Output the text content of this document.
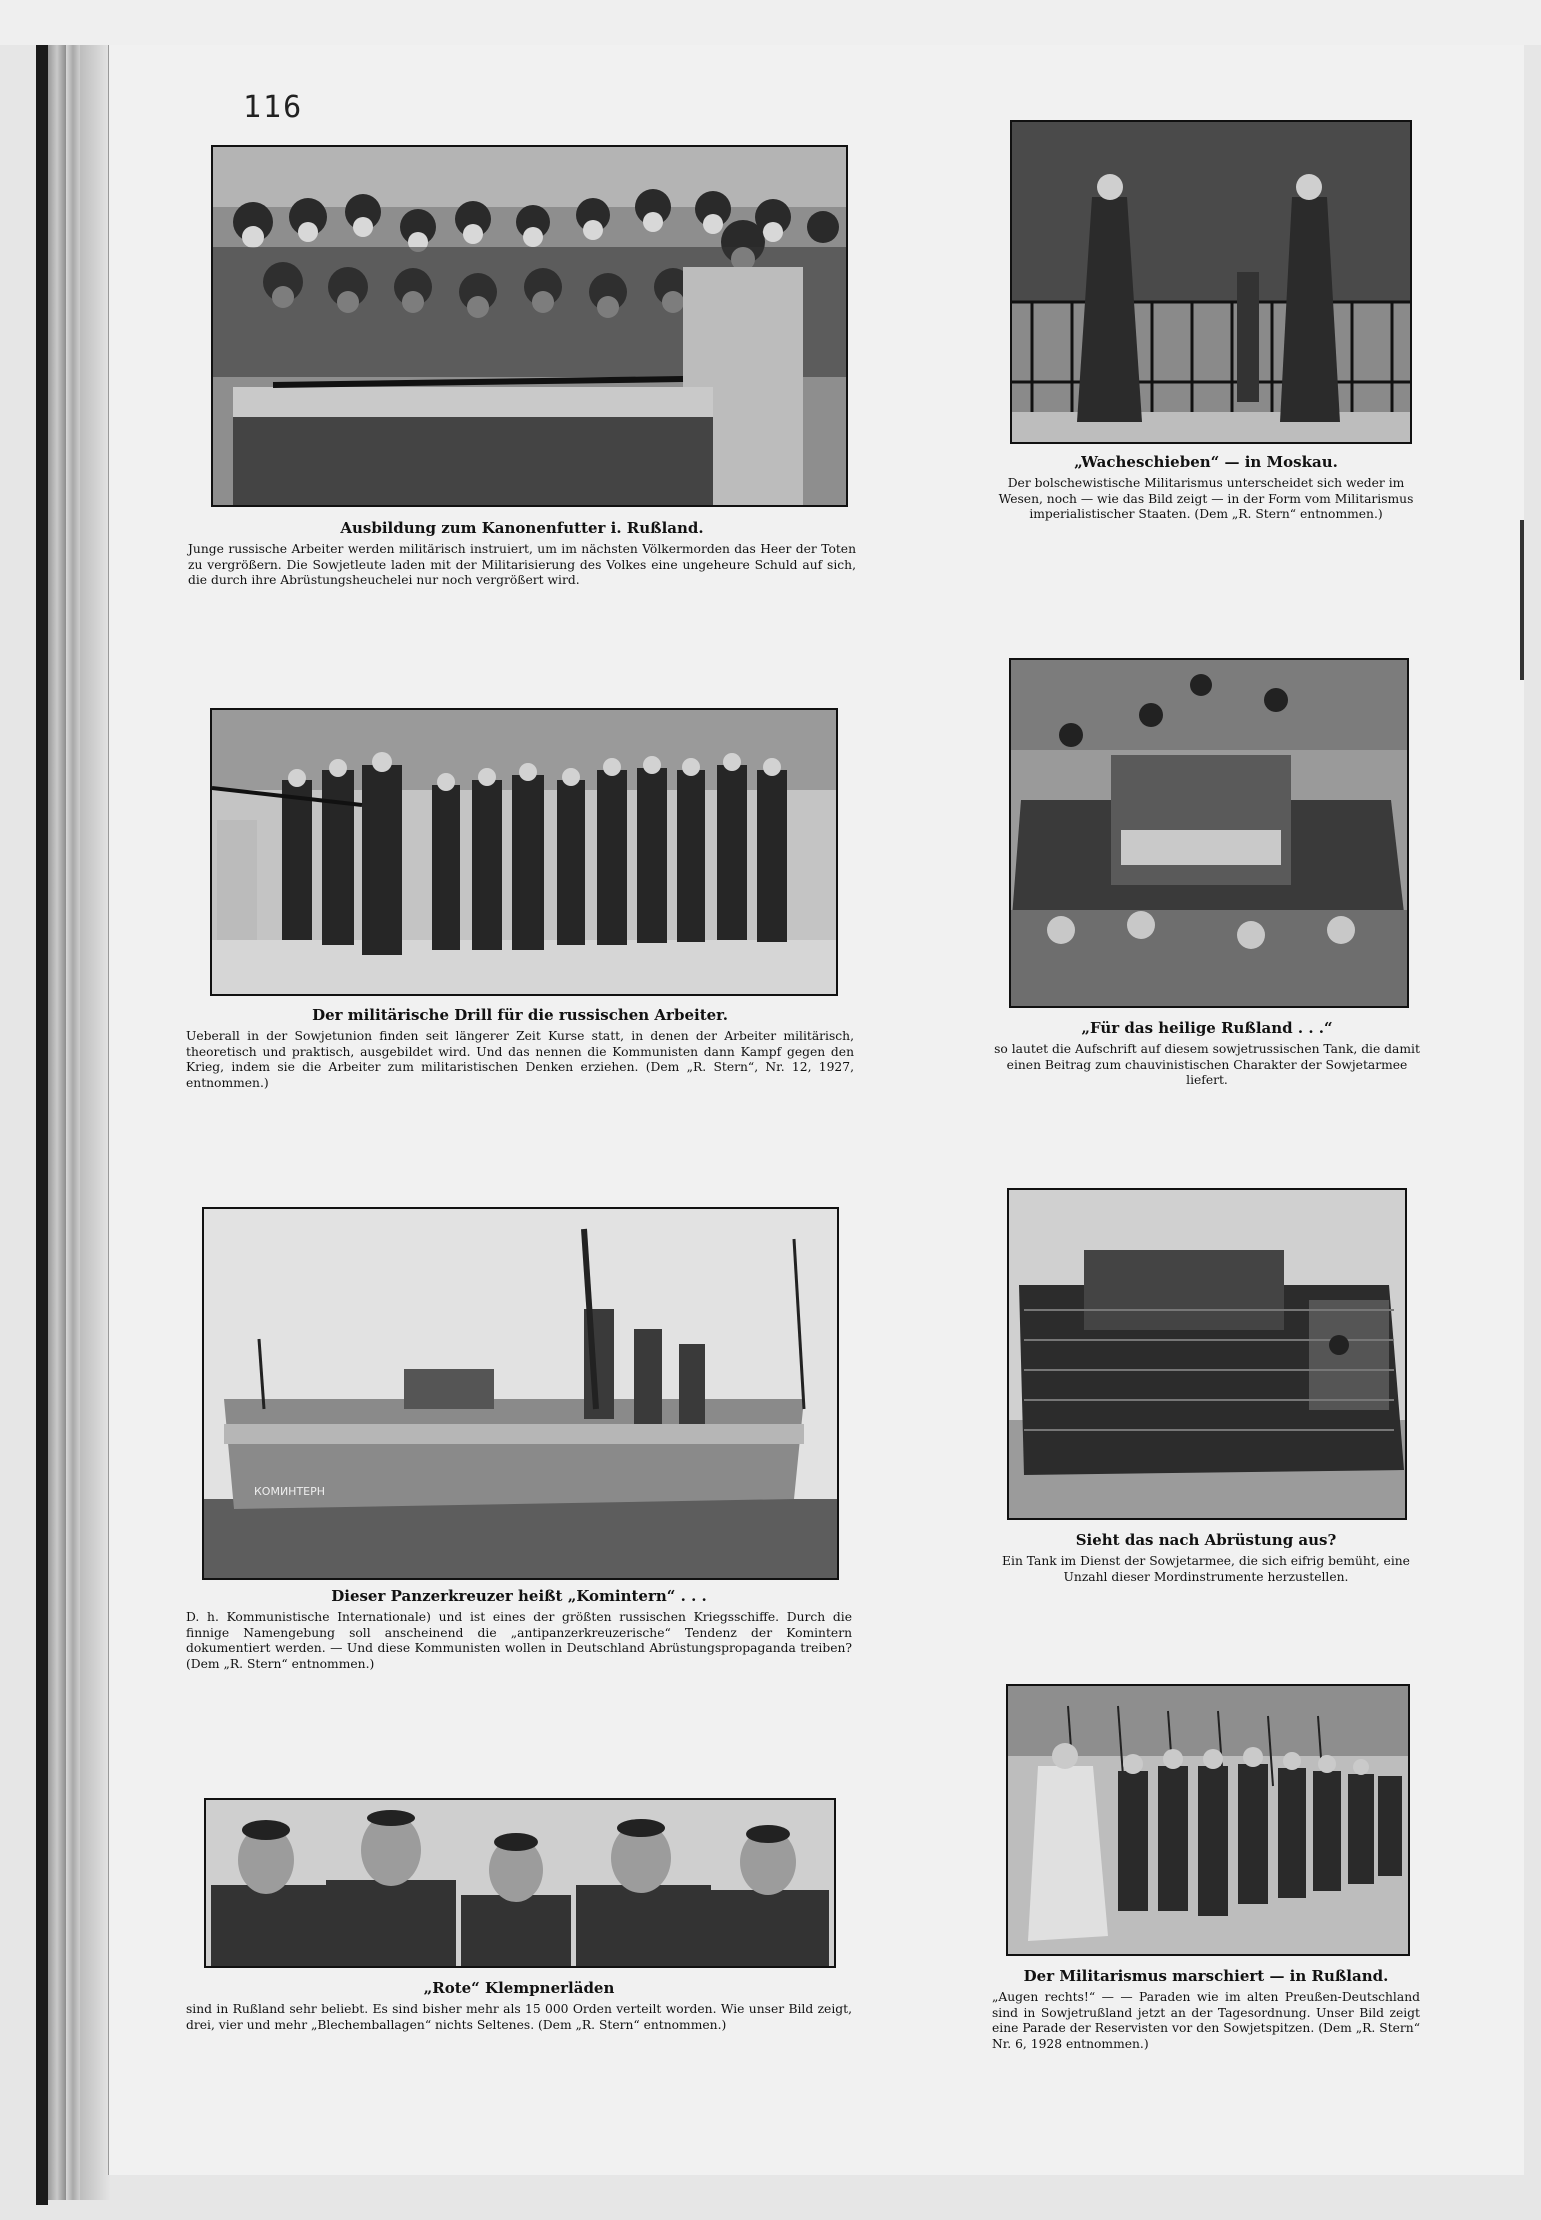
116
Ausbildung zum Kanonenfutter i. Rußland.
Junge russische Arbeiter werden militärisch instruiert, um im nächsten Völkermorden das Heer der Toten zu vergrößern. Die Sowjetleute laden mit der Militarisierung des Volkes eine ungeheure Schuld auf sich, die durch ihre Abrüstungsheuchelei nur noch vergrößert wird.
„Wacheschieben“ — in Moskau.
Der bolschewistische Militarismus unterscheidet sich weder im Wesen, noch — wie das Bild zeigt — in der Form vom Militarismus imperialistischer Staaten. (Dem „R. Stern“ entnommen.)
Der militärische Drill für die russischen Arbeiter.
Ueberall in der Sowjetunion finden seit längerer Zeit Kurse statt, in denen der Arbeiter militärisch, theoretisch und praktisch, ausgebildet wird. Und das nennen die Kommunisten dann Kampf gegen den Krieg, indem sie die Arbeiter zum militaristischen Denken erziehen. (Dem „R. Stern“, Nr. 12, 1927, entnommen.)
„Für das heilige Rußland . . .“
so lautet die Aufschrift auf diesem sowjetrussischen Tank, die damit einen Beitrag zum chauvinistischen Charakter der Sowjetarmee liefert.
КОМИНТЕРН
Dieser Panzerkreuzer heißt „Komintern“ . . .
D. h. Kommunistische Internationale) und ist eines der größten russischen Kriegsschiffe. Durch die finnige Namengebung soll anscheinend die „antipanzerkreuzerische“ Tendenz der Komintern dokumentiert werden. — Und diese Kommunisten wollen in Deutschland Abrüstungspropaganda treiben? (Dem „R. Stern“ entnommen.)
Sieht das nach Abrüstung aus?
Ein Tank im Dienst der Sowjetarmee, die sich eifrig bemüht, eine Unzahl dieser Mordinstrumente herzustellen.
„Rote“ Klempnerläden
sind in Rußland sehr beliebt. Es sind bisher mehr als 15 000 Orden verteilt worden. Wie unser Bild zeigt, drei, vier und mehr „Blechemballagen“ nichts Seltenes. (Dem „R. Stern“ entnommen.)
Der Militarismus marschiert — in Rußland.
„Augen rechts!“ — — Paraden wie im alten Preußen-Deutschland sind in Sowjetrußland jetzt an der Tagesordnung. Unser Bild zeigt eine Parade der Reservisten vor den Sowjetspitzen. (Dem „R. Stern“ Nr. 6, 1928 entnommen.)
